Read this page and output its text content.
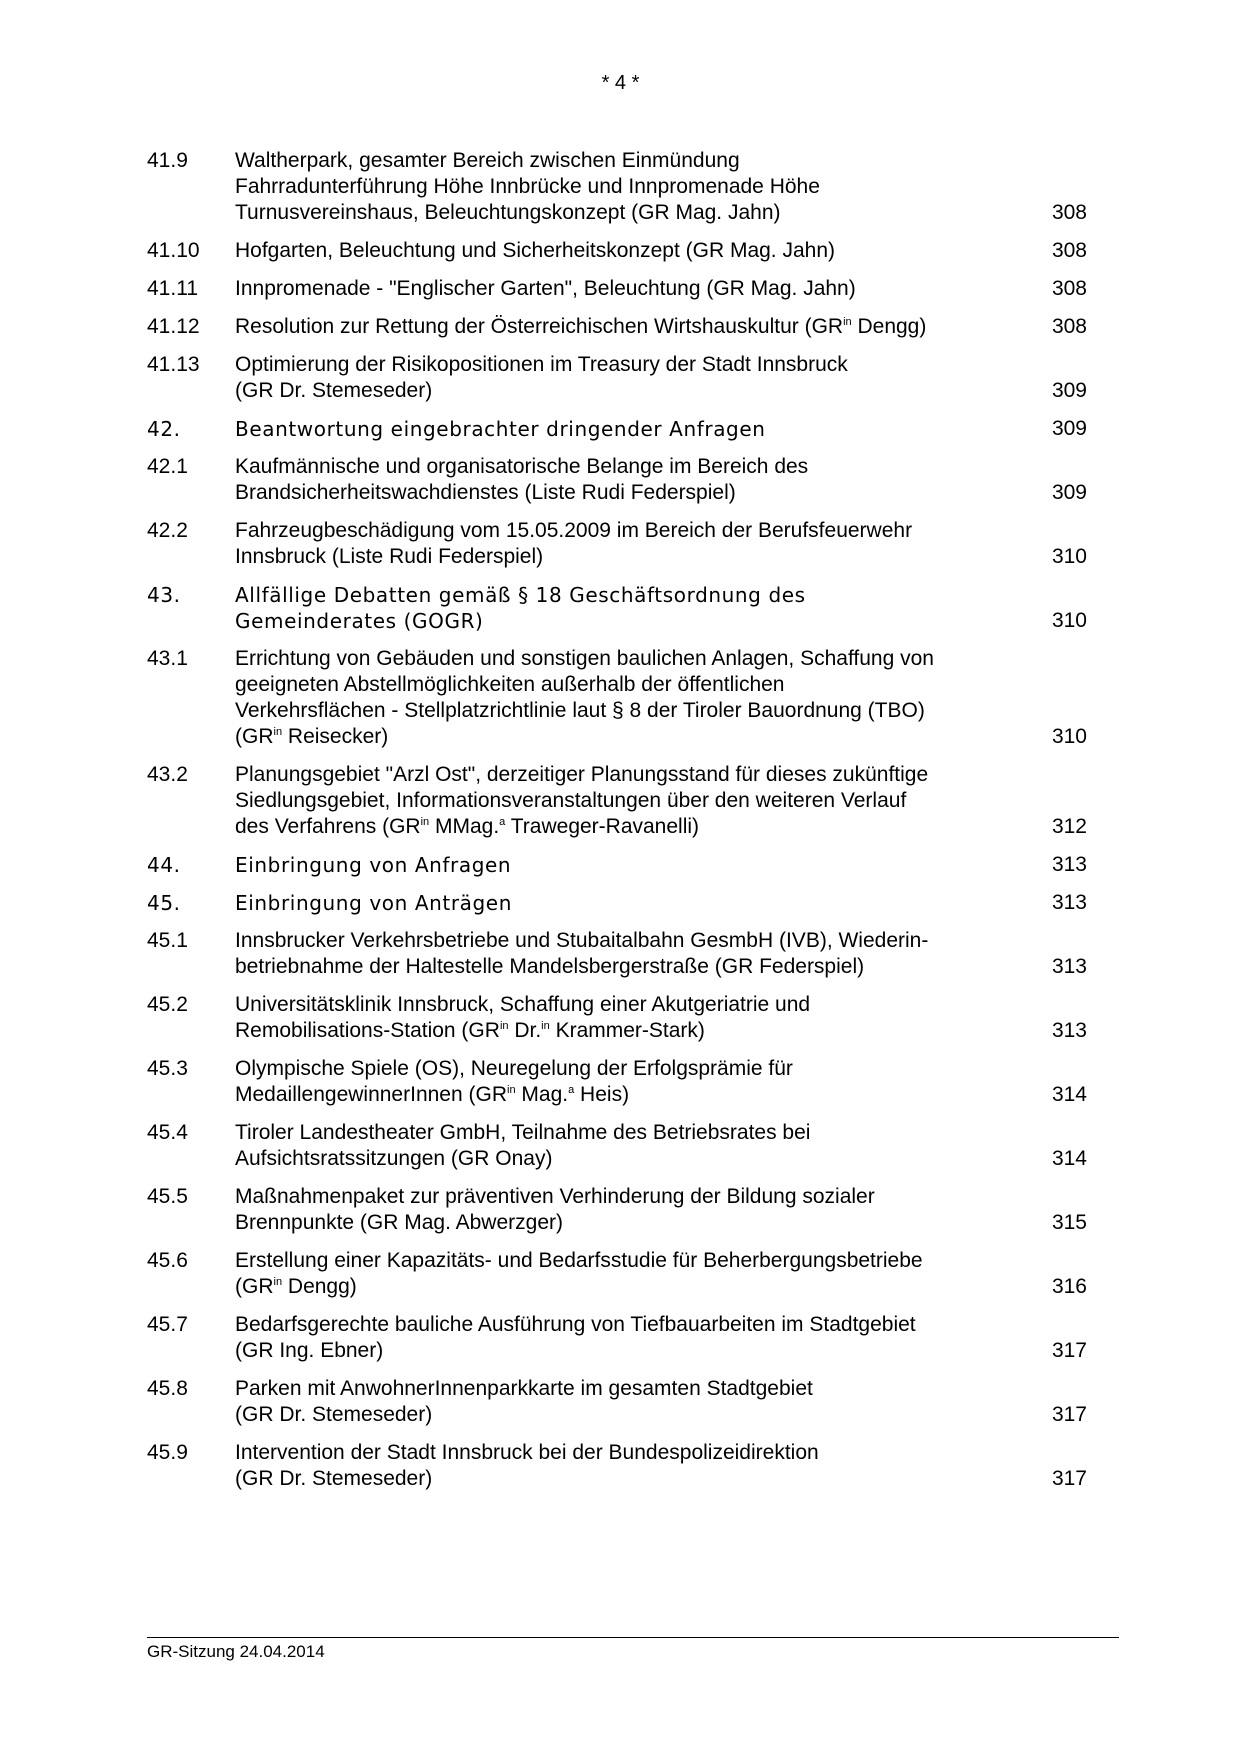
* 4 *
41.9	Waltherpark, gesamter Bereich zwischen Einmündung
Fahrradunterführung Höhe Innbrücke und Innpromenade Höhe
Turnusvereinshaus, Beleuchtungskonzept (GR Mag. Jahn)	308
41.10	Hofgarten, Beleuchtung und Sicherheitskonzept (GR Mag. Jahn)	308
41.11	Innpromenade - "Englischer Garten", Beleuchtung (GR Mag. Jahn)	308
41.12	Resolution zur Rettung der Österreichischen Wirtshauskultur ($GR^{in}$ Dengg)	308
41.13	Optimierung der Risikopositionen im Treasury der Stadt Innsbruck
(GR Dr. Stemeseder)	309
42.	Beantwortung eingebrachter dringender Anfragen	309
42.1	Kaufmännische und organisatorische Belange im Bereich des
Brandsicherheitswachdienstes (Liste Rudi Federspiel)	309
42.2	Fahrzeugbeschädigung vom 15.05.2009 im Bereich der Berufsfeuerwehr
Innsbruck (Liste Rudi Federspiel)	310
43.	Allfällige Debatten gemäß § 18 Geschäftsordnung des
Gemeinderates (GOGR)	310
43.1	Errichtung von Gebäuden und sonstigen baulichen Anlagen, Schaffung von
geeigneten Abstellmöglichkeiten außerhalb der öffentlichen
Verkehrsflächen - Stellplatzrichtlinie laut § 8 der Tiroler Bauordnung (TBO)
($GR^{in}$ Reisecker)	310
43.2	Planungsgebiet "Arzl Ost", derzeitiger Planungsstand für dieses zukünftige
Siedlungsgebiet, Informationsveranstaltungen über den weiteren Verlauf
des Verfahrens ($GR^{in}$ MMag.$^a$ Traweger-Ravanelli)	312
44.	Einbringung von Anfragen	313
45.	Einbringung von Anträgen	313
45.1	Innsbrucker Verkehrsbetriebe und Stubaitalbahn GesmbH (IVB), Wiederin-
betriebnahme der Haltestelle Mandelsbergerstraße (GR Federspiel)	313
45.2	Universitätsklinik Innsbruck, Schaffung einer Akutgeriatrie und
Remobilisations-Station ($GR^{in}$ Dr.$^{in}$ Krammer-Stark)	313
45.3	Olympische Spiele (OS), Neuregelung der Erfolgsprämie für
MedaillengewinnerInnen ($GR^{in}$ Mag.$^a$ Heis)	314
45.4	Tiroler Landestheater GmbH, Teilnahme des Betriebsrates bei
Aufsichtsratssitzungen (GR Onay)	314
45.5	Maßnahmenpaket zur präventiven Verhinderung der Bildung sozialer
Brennpunkte (GR Mag. Abwerzger)	315
45.6	Erstellung einer Kapazitäts- und Bedarfsstudie für Beherbergungsbetriebe
($GR^{in}$ Dengg)	316
45.7	Bedarfsgerechte bauliche Ausführung von Tiefbauarbeiten im Stadtgebiet
(GR Ing. Ebner)	317
45.8	Parken mit AnwohnerInnenparkkarte im gesamten Stadtgebiet
(GR Dr. Stemeseder)	317
45.9	Intervention der Stadt Innsbruck bei der Bundespolizeidirektion
(GR Dr. Stemeseder)	317
GR-Sitzung 24.04.2014
